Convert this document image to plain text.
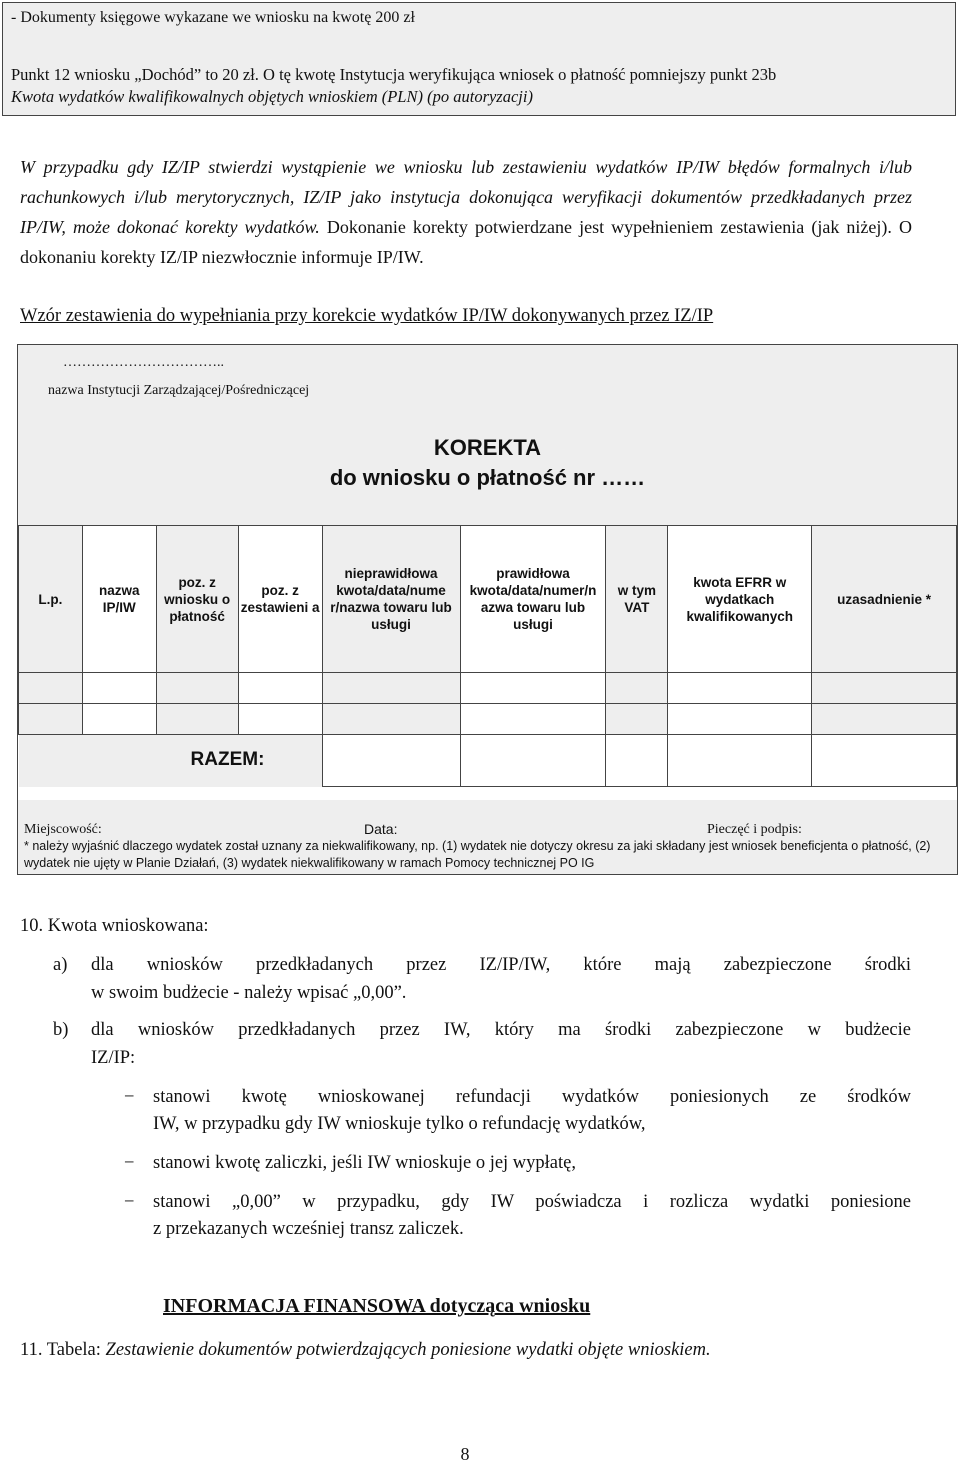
- Dokumenty księgowe wykazane we wniosku na kwotę 200 zł
Punkt 12 wniosku „Dochód” to 20 zł. O tę kwotę Instytucja weryfikująca wniosek o płatność pomniejszy punkt 23b
Kwota wydatków kwalifikowalnych objętych wnioskiem (PLN) (po autoryzacji)
W przypadku gdy IZ/IP stwierdzi wystąpienie we wniosku lub zestawieniu wydatków IP/IW błędów formalnych i/lub rachunkowych i/lub merytorycznych, IZ/IP jako instytucja dokonująca weryfikacji dokumentów przedkładanych przez IP/IW, może dokonać korekty wydatków. Dokonanie korekty potwierdzane jest wypełnieniem zestawienia (jak niżej). O dokonaniu korekty IZ/IP niezwłocznie informuje IP/IW.
Wzór zestawienia do wypełniania przy korekcie wydatków IP/IW dokonywanych przez IZ/IP
……………………………..
nazwa Instytucji Zarządzającej/Pośredniczącej
KOREKTA
do wniosku o płatność nr ……
L.p.	nazwa IP/IW	poz. z wniosku o płatność	poz. z zestawieni a	nieprawidłowa kwota/data/nume r/nazwa towaru lub usługi	prawidłowa kwota/data/numer/n azwa towaru lub usługi	w tym VAT	kwota EFRR w wydatkach kwalifikowanych	uzasadnienie *

RAZEM:
Miejscowość:	Data:	Pieczęć i podpis:
* należy wyjaśnić dlaczego wydatek został uznany za niekwalifikowany, np. (1) wydatek nie dotyczy okresu za jaki składany jest wniosek beneficjenta o płatność, (2) wydatek nie ujęty w Planie Działań, (3) wydatek niekwalifikowany w ramach Pomocy technicznej PO IG
10. Kwota wnioskowana:
a) dla wniosków przedkładanych przez IZ/IP/IW, które mają zabezpieczone środki
w swoim budżecie - należy wpisać „0,00”.
b) dla wniosków przedkładanych przez IW, który ma środki zabezpieczone w budżecie
IZ/IP:
− stanowi kwotę wnioskowanej refundacji wydatków poniesionych ze środków
IW, w przypadku gdy IW wnioskuje tylko o refundację wydatków,
− stanowi kwotę zaliczki, jeśli IW wnioskuje o jej wypłatę,
− stanowi „0,00” w przypadku, gdy IW poświadcza i rozlicza wydatki poniesione
z przekazanych wcześniej transz zaliczek.
INFORMACJA FINANSOWA dotycząca wniosku
11. Tabela: Zestawienie dokumentów potwierdzających poniesione wydatki objęte wnioskiem.
8
